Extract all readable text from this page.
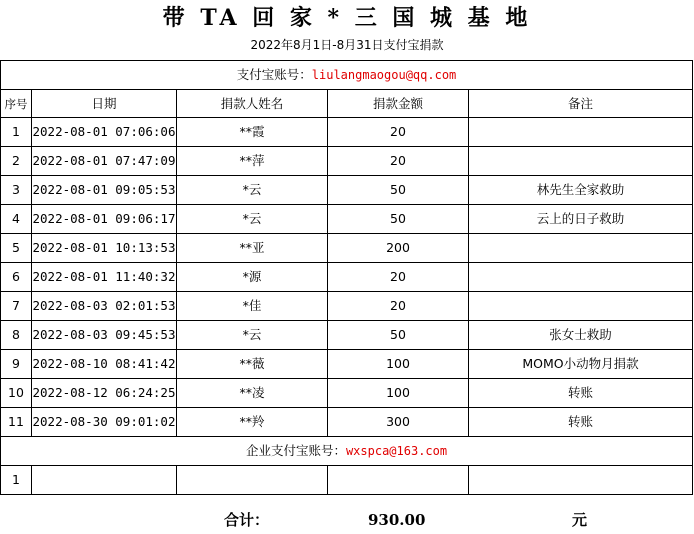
带 TA 回 家 * 三 国 城 基 地
2022年8月1日-8月31日支付宝捐款
支付宝账号：liulangmaogou@qq.com				
序号	日期	捐款人姓名	捐款金额	备注
1	2022-08-01 07:06:06	**霞	20	
2	2022-08-01 07:47:09	**萍	20	
3	2022-08-01 09:05:53	*云	50	林先生全家救助
4	2022-08-01 09:06:17	*云	50	云上的日子救助
5	2022-08-01 10:13:53	**亚	200	
6	2022-08-01 11:40:32	*源	20	
7	2022-08-03 02:01:53	*佳	20	
8	2022-08-03 09:45:53	*云	50	张女士救助
9	2022-08-10 08:41:42	**薇	100	MOMO小动物月捐款
10	2022-08-12 06:24:25	**凌	100	转账
11	2022-08-30 09:01:02	**羚	300	转账
企业支付宝账号：wxspca@163.com				
1				
合计：	930.00	元
